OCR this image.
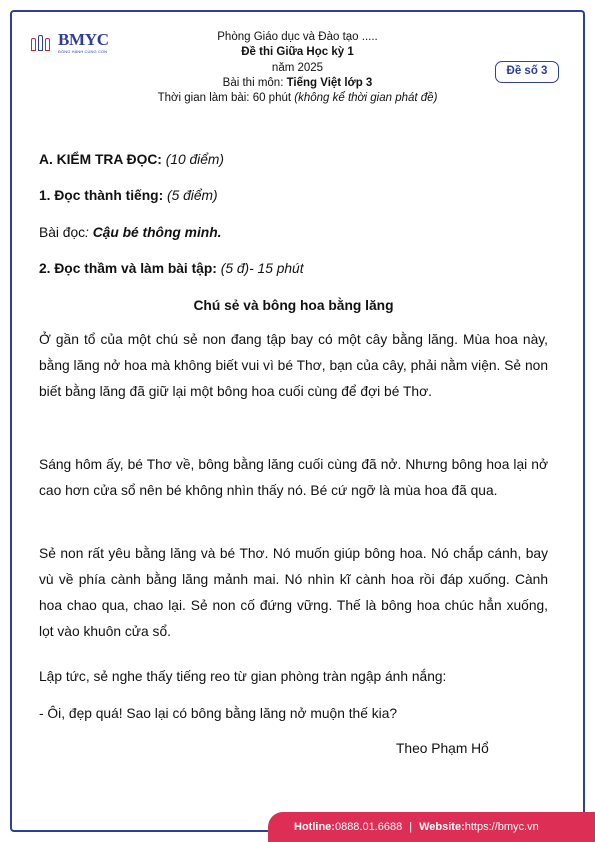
BMYC
ĐỒNG HÀNH CÙNG CON
Phòng Giáo dục và Đào tạo .....
Đề thi Giữa Học kỳ 1
năm 2025
Bài thi môn: Tiếng Việt lớp 3
Thời gian làm bài: 60 phút (không kể thời gian phát đề)
Đề số 3
A. KIỂM TRA ĐỌC: (10 điểm)
1. Đọc thành tiếng: (5 điểm)
Bài đọc: Cậu bé thông minh.
2. Đọc thầm và làm bài tập: (5 đ)- 15 phút
Chú sẻ và bông hoa bằng lăng
Ở gần tổ của một chú sẻ non đang tập bay có một cây bằng lăng. Mùa hoa này, bằng lăng nở hoa mà không biết vui vì bé Thơ, bạn của cây, phải nằm viện. Sẻ non biết bằng lăng đã giữ lại một bông hoa cuối cùng để đợi bé Thơ.
Sáng hôm ấy, bé Thơ về, bông bằng lăng cuối cùng đã nở. Nhưng bông hoa lại nở cao hơn cửa sổ nên bé không nhìn thấy nó. Bé cứ ngỡ là mùa hoa đã qua.
Sẻ non rất yêu bằng lăng và bé Thơ. Nó muốn giúp bông hoa. Nó chắp cánh, bay vù về phía cành bằng lăng mảnh mai. Nó nhìn kĩ cành hoa rồi đáp xuống. Cành hoa chao qua, chao lại. Sẻ non cố đứng vững. Thế là bông hoa chúc hẳn xuống, lọt vào khuôn cửa sổ.
Lập tức, sẻ nghe thấy tiếng reo từ gian phòng tràn ngập ánh nắng:
- Ôi, đẹp quá! Sao lại có bông bằng lăng nở muộn thế kia?
Theo Phạm Hổ
Hotline: 0888.01.6688 | Website: https://bmyc.vn
